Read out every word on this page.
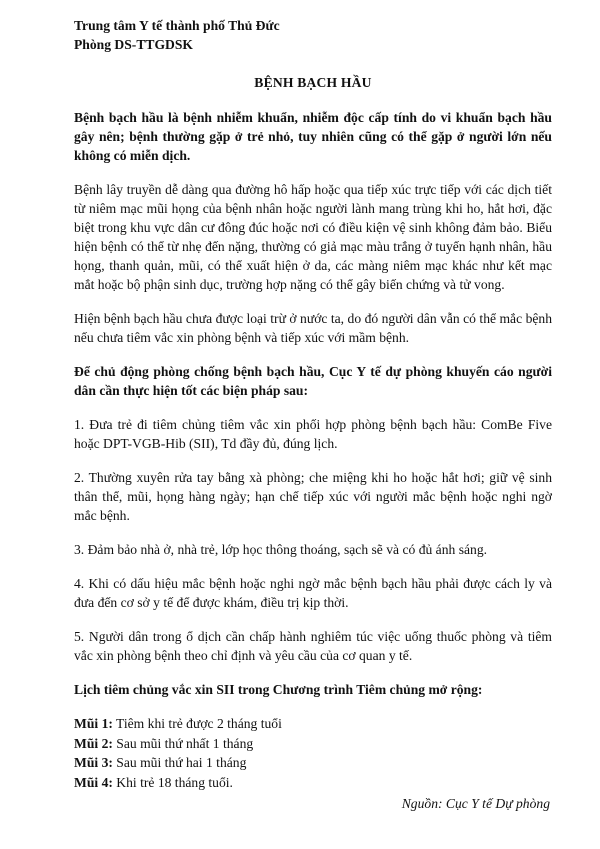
Trung tâm Y tế thành phố Thủ Đức
Phòng DS-TTGDSK
BỆNH BẠCH HẦU

Bệnh bạch hầu là bệnh nhiễm khuẩn, nhiễm độc cấp tính do vi khuẩn bạch hầu gây nên; bệnh thường gặp ở trẻ nhỏ, tuy nhiên cũng có thể gặp ở người lớn nếu không có miễn dịch.

Bệnh lây truyền dễ dàng qua đường hô hấp hoặc qua tiếp xúc trực tiếp với các dịch tiết từ niêm mạc mũi họng của bệnh nhân hoặc người lành mang trùng khi ho, hắt hơi, đặc biệt trong khu vực dân cư đông đúc hoặc nơi có điều kiện vệ sinh không đảm bảo. Biểu hiện bệnh có thể từ nhẹ đến nặng, thường có giả mạc màu trắng ở tuyến hạnh nhân, hầu họng, thanh quản, mũi, có thể xuất hiện ở da, các màng niêm mạc khác như kết mạc mắt hoặc bộ phận sinh dục, trường hợp nặng có thể gây biến chứng và tử vong.

Hiện bệnh bạch hầu chưa được loại trừ ở nước ta, do đó người dân vẫn có thể mắc bệnh nếu chưa tiêm vắc xin phòng bệnh và tiếp xúc với mầm bệnh.

Để chủ động phòng chống bệnh bạch hầu, Cục Y tế dự phòng khuyến cáo người dân cần thực hiện tốt các biện pháp sau:

1. Đưa trẻ đi tiêm chủng tiêm vắc xin phối hợp phòng bệnh bạch hầu: ComBe Five hoặc DPT-VGB-Hib (SII), Td đầy đủ, đúng lịch.

2. Thường xuyên rửa tay bằng xà phòng; che miệng khi ho hoặc hắt hơi; giữ vệ sinh thân thể, mũi, họng hàng ngày; hạn chế tiếp xúc với người mắc bệnh hoặc nghi ngờ mắc bệnh.

3. Đảm bảo nhà ở, nhà trẻ, lớp học thông thoáng, sạch sẽ và có đủ ánh sáng.

4. Khi có dấu hiệu mắc bệnh hoặc nghi ngờ mắc bệnh bạch hầu phải được cách ly và đưa đến cơ sở y tế để được khám, điều trị kịp thời.

5. Người dân trong ổ dịch cần chấp hành nghiêm túc việc uống thuốc phòng và tiêm vắc xin phòng bệnh theo chỉ định và yêu cầu của cơ quan y tế.

Lịch tiêm chủng vắc xin SII trong Chương trình Tiêm chủng mở rộng:

Mũi 1: Tiêm khi trẻ được 2 tháng tuổi
Mũi 2: Sau mũi thứ nhất 1 tháng
Mũi 3: Sau mũi thứ hai 1 tháng
Mũi 4: Khi trẻ 18 tháng tuổi.
Nguồn: Cục Y tế Dự phòng
